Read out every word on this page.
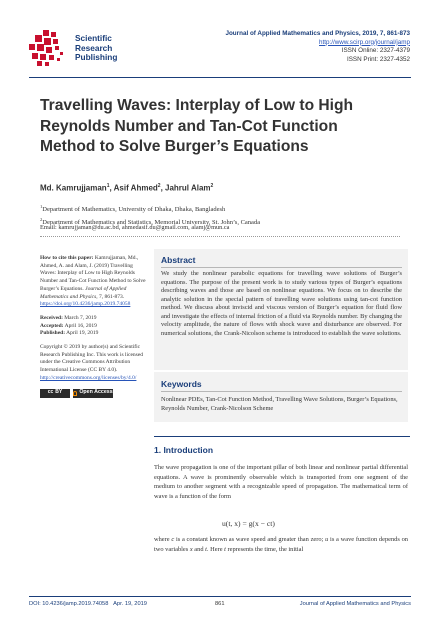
Scientific
Research
Publishing
Journal of Applied Mathematics and Physics, 2019, 7, 861-873
http://www.scirp.org/journal/jamp
ISSN Online: 2327-4379
ISSN Print: 2327-4352
Travelling Waves: Interplay of Low to High
Reynolds Number and Tan-Cot Function
Method to Solve Burger’s Equations
Md. Kamrujjaman$^1$, Asif Ahmed$^2$, Jahrul Alam$^2$
$^1$Department of Mathematics, University of Dhaka, Dhaka, Bangladesh
$^2$Department of Mathematics and Statistics, Memorial University, St. John’s, Canada
Email: kamrujjaman@du.ac.bd, ahmedasif.du@gmail.com, alamj@mun.ca

How to cite this paper: Kamrujjaman, Md., Ahmed, A. and Alam, J. (2019) Travelling Waves: Interplay of Low to High Reynolds Number and Tan-Cot Function Method to Solve Burger’s Equations. Journal of Applied Mathematics and Physics, 7, 861-873.
https://doi.org/10.4236/jamp.2019.74058

Received: March 7, 2019
Accepted: April 16, 2019
Published: April 19, 2019

Copyright © 2019 by author(s) and Scientific Research Publishing Inc. This work is licensed under the Creative Commons Attribution International License (CC BY 4.0).
http://creativecommons.org/licenses/by/4.0/

cc BY	Open Access
Abstract
We study the nonlinear parabolic equations for travelling wave solutions of Burger’s equations. The purpose of the present work is to study various types of Burger’s equations describing waves and those are based on nonlinear equations. We focus on to describe the analytic solution in the special pattern of travelling wave solutions using tan-cot function method. We discuss about inviscid and viscous version of Burger’s equation for fluid flow and investigate the effects of internal friction of a fluid via Reynolds number. By changing the velocity amplitude, the nature of flows with shock wave and disturbance are observed. For numerical solutions, the Crank-Nicolson scheme is introduced to establish the wave solutions.
Keywords
Nonlinear PDEs, Tan-Cot Function Method, Travelling Wave Solutions, Burger’s Equations, Reynolds Number, Crank-Nicolson Scheme
1. Introduction
The wave propagation is one of the important pillar of both linear and nonlinear partial differential equations. A wave is prominently observable which is transported from one segment of the medium to another segment with a recognizable speed of propagation. The mathematical term of wave is a function of the form
u(t, x) = g(x − ct)
where c is a constant known as wave speed and greater than zero; u is a wave function depends on two variables x and t. Here t represents the time, the initial
DOI: 10.4236/jamp.2019.74058 Apr. 19, 2019	861	Journal of Applied Mathematics and Physics
